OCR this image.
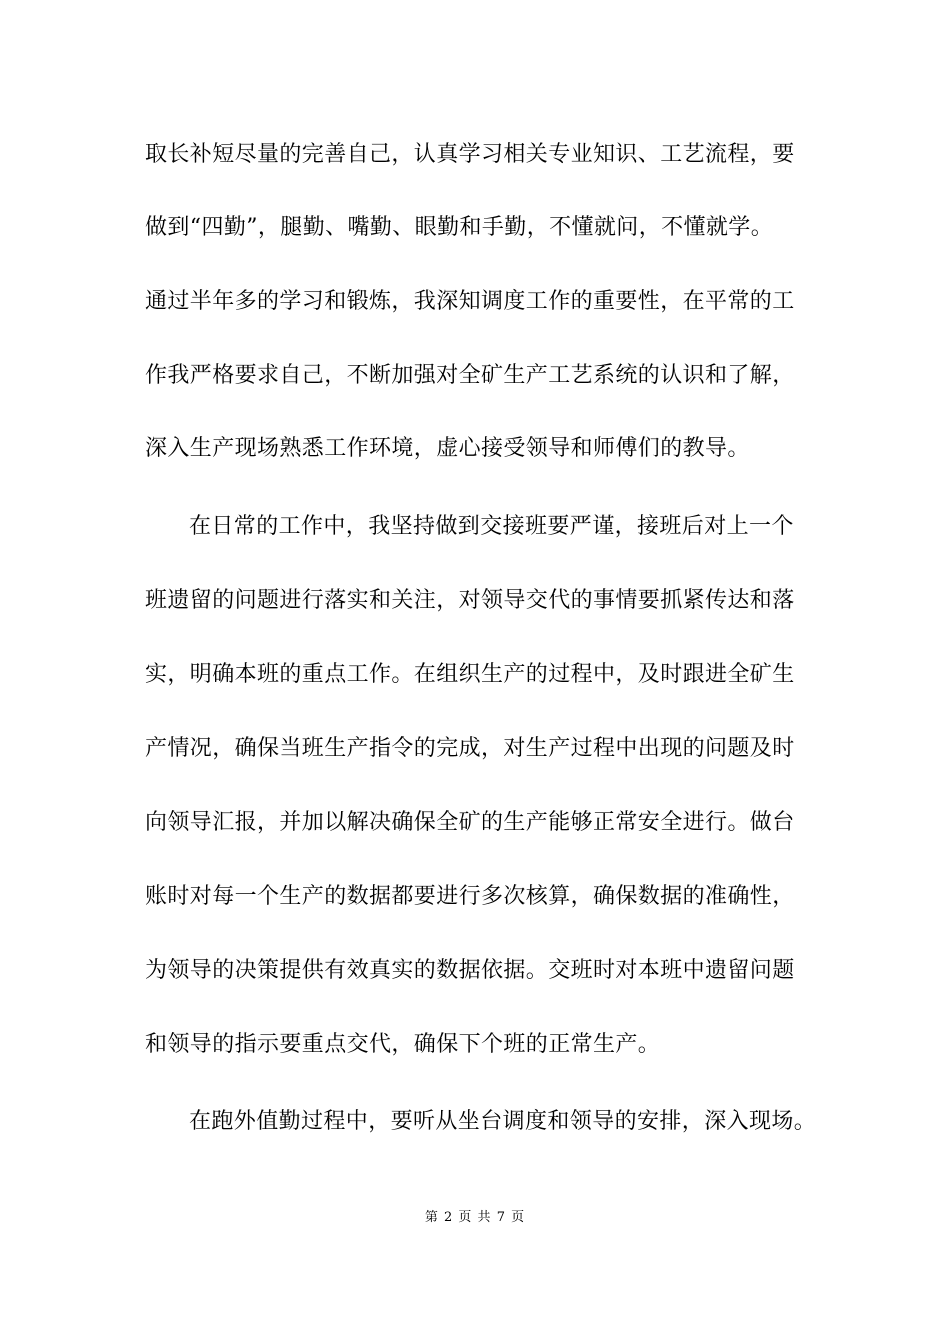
取长补短尽量的完善自己，认真学习相关专业知识、工艺流程，要
做到“四勤”，腿勤、嘴勤、眼勤和手勤，不懂就问，不懂就学。
通过半年多的学习和锻炼，我深知调度工作的重要性，在平常的工
作我严格要求自己，不断加强对全矿生产工艺系统的认识和了解，
深入生产现场熟悉工作环境，虚心接受领导和师傅们的教导。
在日常的工作中，我坚持做到交接班要严谨，接班后对上一个
班遗留的问题进行落实和关注，对领导交代的事情要抓紧传达和落
实，明确本班的重点工作。在组织生产的过程中，及时跟进全矿生
产情况，确保当班生产指令的完成，对生产过程中出现的问题及时
向领导汇报，并加以解决确保全矿的生产能够正常安全进行。做台
账时对每一个生产的数据都要进行多次核算，确保数据的准确性，
为领导的决策提供有效真实的数据依据。交班时对本班中遗留问题
和领导的指示要重点交代，确保下个班的正常生产。
在跑外值勤过程中，要听从坐台调度和领导的安排，深入现场。
第 2 页 共 7 页
